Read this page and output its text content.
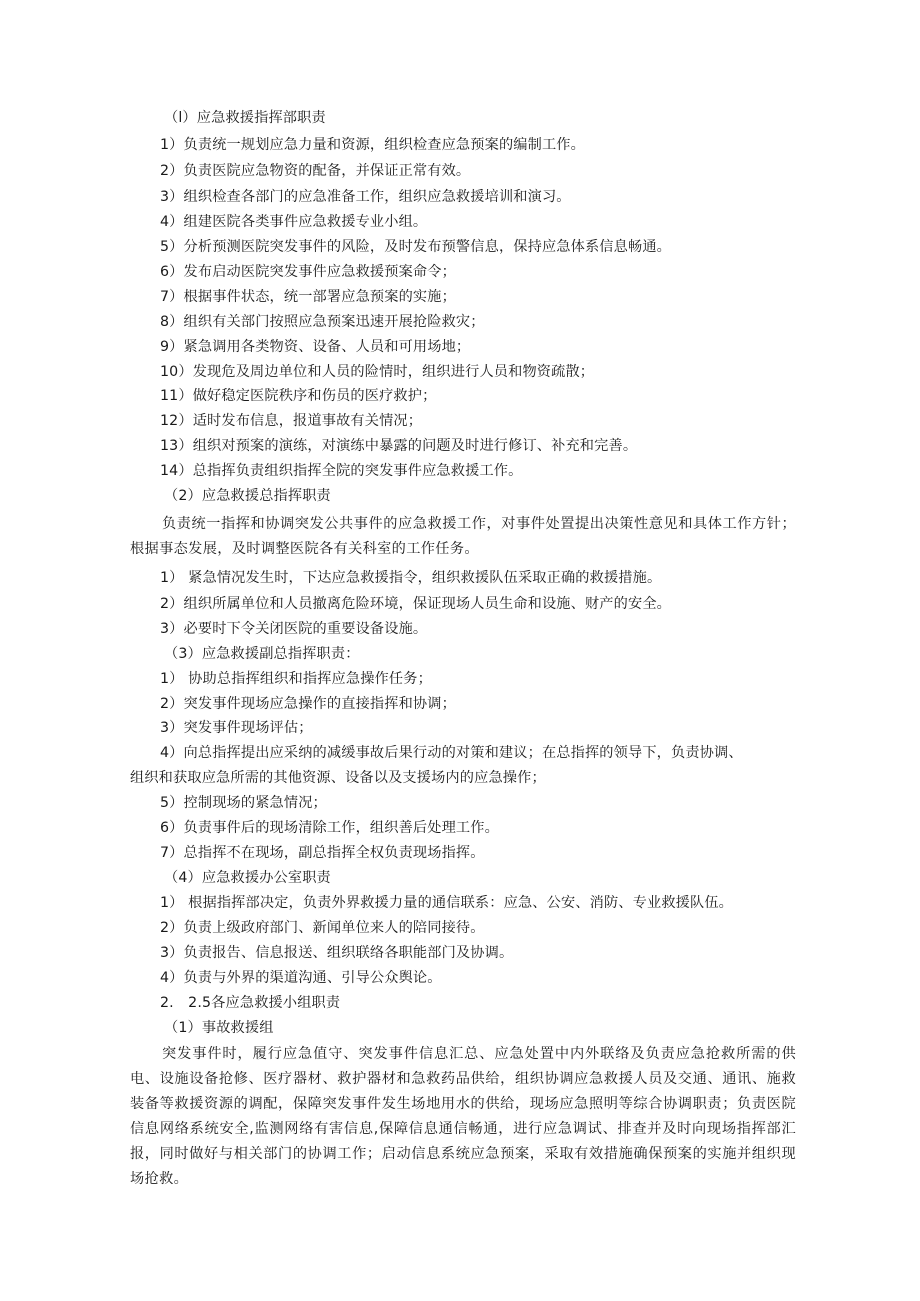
（l）应急救援指挥部职责
1）负责统一规划应急力量和资源，组织检查应急预案的编制工作。
2）负责医院应急物资的配备，并保证正常有效。
3）组织检查各部门的应急准备工作，组织应急救援培训和演习。
4）组建医院各类事件应急救援专业小组。
5）分析预测医院突发事件的风险，及时发布预警信息，保持应急体系信息畅通。
6）发布启动医院突发事件应急救援预案命令；
7）根据事件状态，统一部署应急预案的实施；
8）组织有关部门按照应急预案迅速开展抢险救灾；
9）紧急调用各类物资、设备、人员和可用场地；
10）发现危及周边单位和人员的险情时，组织进行人员和物资疏散；
11）做好稳定医院秩序和伤员的医疗救护；
12）适时发布信息，报道事故有关情况；
13）组织对预案的演练，对演练中暴露的问题及时进行修订、补充和完善。
14）总指挥负责组织指挥全院的突发事件应急救援工作。
（2）应急救援总指挥职责

负责统一指挥和协调突发公共事件的应急救援工作，对事件处置提出决策性意见和具体工作方针；根据事态发展，及时调整医院各有关科室的工作任务。

1） 紧急情况发生时，下达应急救援指令，组织救援队伍采取正确的救援措施。
2）组织所属单位和人员撤离危险环境，保证现场人员生命和设施、财产的安全。
3）必要时下令关闭医院的重要设备设施。
（3）应急救援副总指挥职责：
1） 协助总指挥组织和指挥应急操作任务；
2）突发事件现场应急操作的直接指挥和协调；
3）突发事件现场评估；
4）向总指挥提出应采纳的减缓事故后果行动的对策和建议；在总指挥的领导下，负责协调、
组织和获取应急所需的其他资源、设备以及支援场内的应急操作；
5）控制现场的紧急情况；
6）负责事件后的现场清除工作，组织善后处理工作。
7）总指挥不在现场，副总指挥全权负责现场指挥。
（4）应急救援办公室职责
1） 根据指挥部决定，负责外界救援力量的通信联系：应急、公安、消防、专业救援队伍。
2）负责上级政府部门、新闻单位来人的陪同接待。
3）负责报告、信息报送、组织联络各职能部门及协调。
4）负责与外界的渠道沟通、引导公众舆论。
2.　2.5各应急救援小组职责
（1）事故救援组

突发事件时，履行应急值守、突发事件信息汇总、应急处置中内外联络及负责应急抢救所需的供电、设施设备抢修、医疗器材、救护器材和急救药品供给，组织协调应急救援人员及交通、通讯、施救装备等救援资源的调配，保障突发事件发生场地用水的供给，现场应急照明等综合协调职责；负责医院信息网络系统安全,监测网络有害信息,保障信息通信畅通，进行应急调试、排查并及时向现场指挥部汇报，同时做好与相关部门的协调工作；启动信息系统应急预案，采取有效措施确保预案的实施并组织现场抢救。
